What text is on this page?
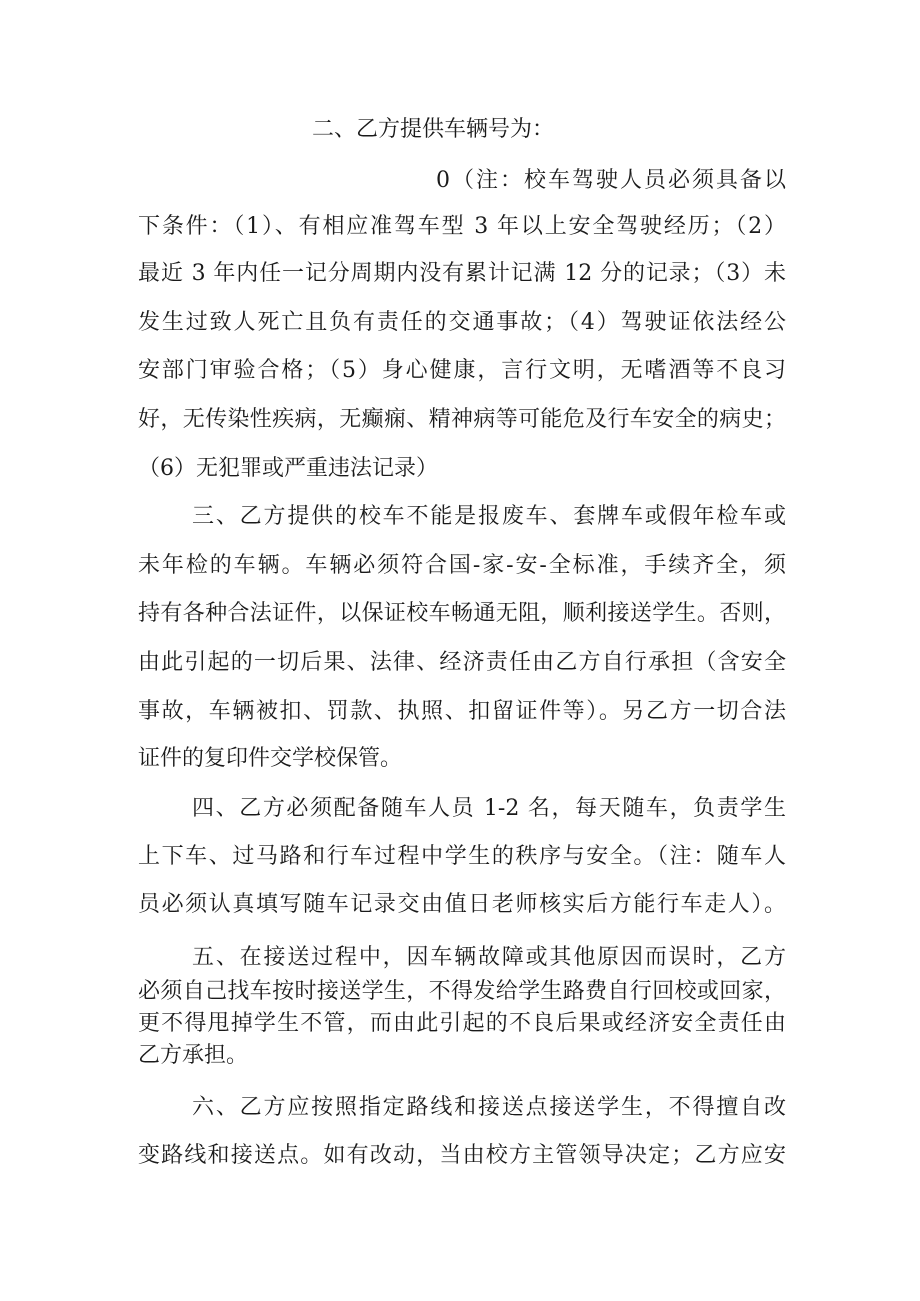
二、乙方提供车辆号为：
0（注：校车驾驶人员必须具备以
下条件：（1）、有相应准驾车型 3 年以上安全驾驶经历；（2）
最近 3 年内任一记分周期内没有累计记满 12 分的记录；（3）未
发生过致人死亡且负有责任的交通事故；（4）驾驶证依法经公
安部门审验合格；（5）身心健康，言行文明，无嗜酒等不良习
好，无传染性疾病，无癫痫、精神病等可能危及行车安全的病史；
（6）无犯罪或严重违法记录）
三、乙方提供的校车不能是报废车、套牌车或假年检车或
未年检的车辆。车辆必须符合国-家-安-全标准，手续齐全，须
持有各种合法证件，以保证校车畅通无阻，顺利接送学生。否则，
由此引起的一切后果、法律、经济责任由乙方自行承担（含安全
事故，车辆被扣、罚款、执照、扣留证件等）。另乙方一切合法
证件的复印件交学校保管。
四、乙方必须配备随车人员 1-2 名，每天随车，负责学生
上下车、过马路和行车过程中学生的秩序与安全。（注：随车人
员必须认真填写随车记录交由值日老师核实后方能行车走人）。
五、在接送过程中，因车辆故障或其他原因而误时，乙方
必须自己找车按时接送学生，不得发给学生路费自行回校或回家，
更不得甩掉学生不管，而由此引起的不良后果或经济安全责任由
乙方承担。
六、乙方应按照指定路线和接送点接送学生，不得擅自改
变路线和接送点。如有改动，当由校方主管领导决定；乙方应安
